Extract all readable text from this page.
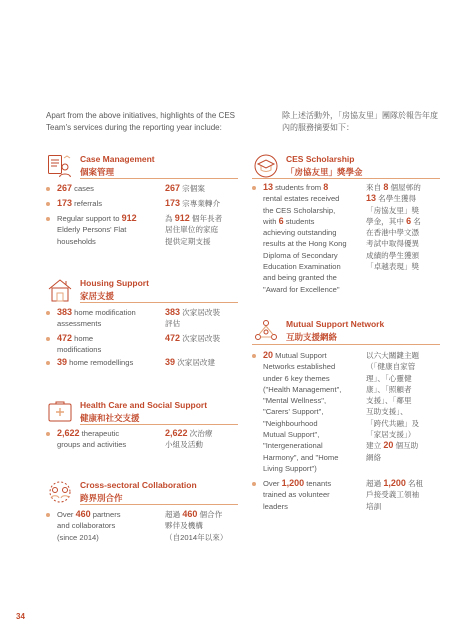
Apart from the above initiatives, highlights of the CES Team's services during the reporting year include:
除上述活動外，「房協友里」團隊於報告年度
內的服務摘要如下：
Case Management
個案管理
267 cases	267 宗個案
173 referrals	173 宗專業轉介
Regular support to 912
Elderly Persons' Flat
households
為 912 個年長者
居住單位的家庭
提供定期支援
Housing Support
家居支援
383 home modification
assessments
383 次家居改裝
評估
472 home
modifications
472 次家居改裝
39 home remodellings	39 次家居改建
Health Care and Social Support
健康和社交支援
2,622 therapeutic
groups and activities
2,622 次治療
小組及活動
Cross-sectoral Collaboration
跨界別合作
Over 460 partners
and collaborators
(since 2014)
超過 460 個合作
夥伴及機構
（自2014年以來）
CES Scholarship
「房協友里」獎學金
13 students from 8
rental estates received
the CES Scholarship,
with 6 students
achieving outstanding
results at the Hong Kong
Diploma of Secondary
Education Examination
and being granted the
"Award for Excellence"
來自 8 個屋邨的
13 名學生獲得
「房協友里」獎
學金，其中 6 名
在香港中學文憑
考試中取得優異
成績的學生獲頒
「卓越表現」獎
Mutual Support Network
互助支援網絡
20 Mutual Support
Networks established
under 6 key themes
("Health Management",
"Mental Wellness",
"Carers' Support",
"Neighbourhood
Mutual Support",
"Intergenerational
Harmony", and "Home
Living Support")
以六大關鍵主題
（「健康自家管
理」、「心靈健
康」、「照顧者
支援」、「鄰里
互助支援」、
「跨代共融」及
「家居支援」）
建立 20 個互助
網絡
Over 1,200 tenants
trained as volunteer
leaders
超過 1,200 名租
戶接受義工領袖
培訓
34
